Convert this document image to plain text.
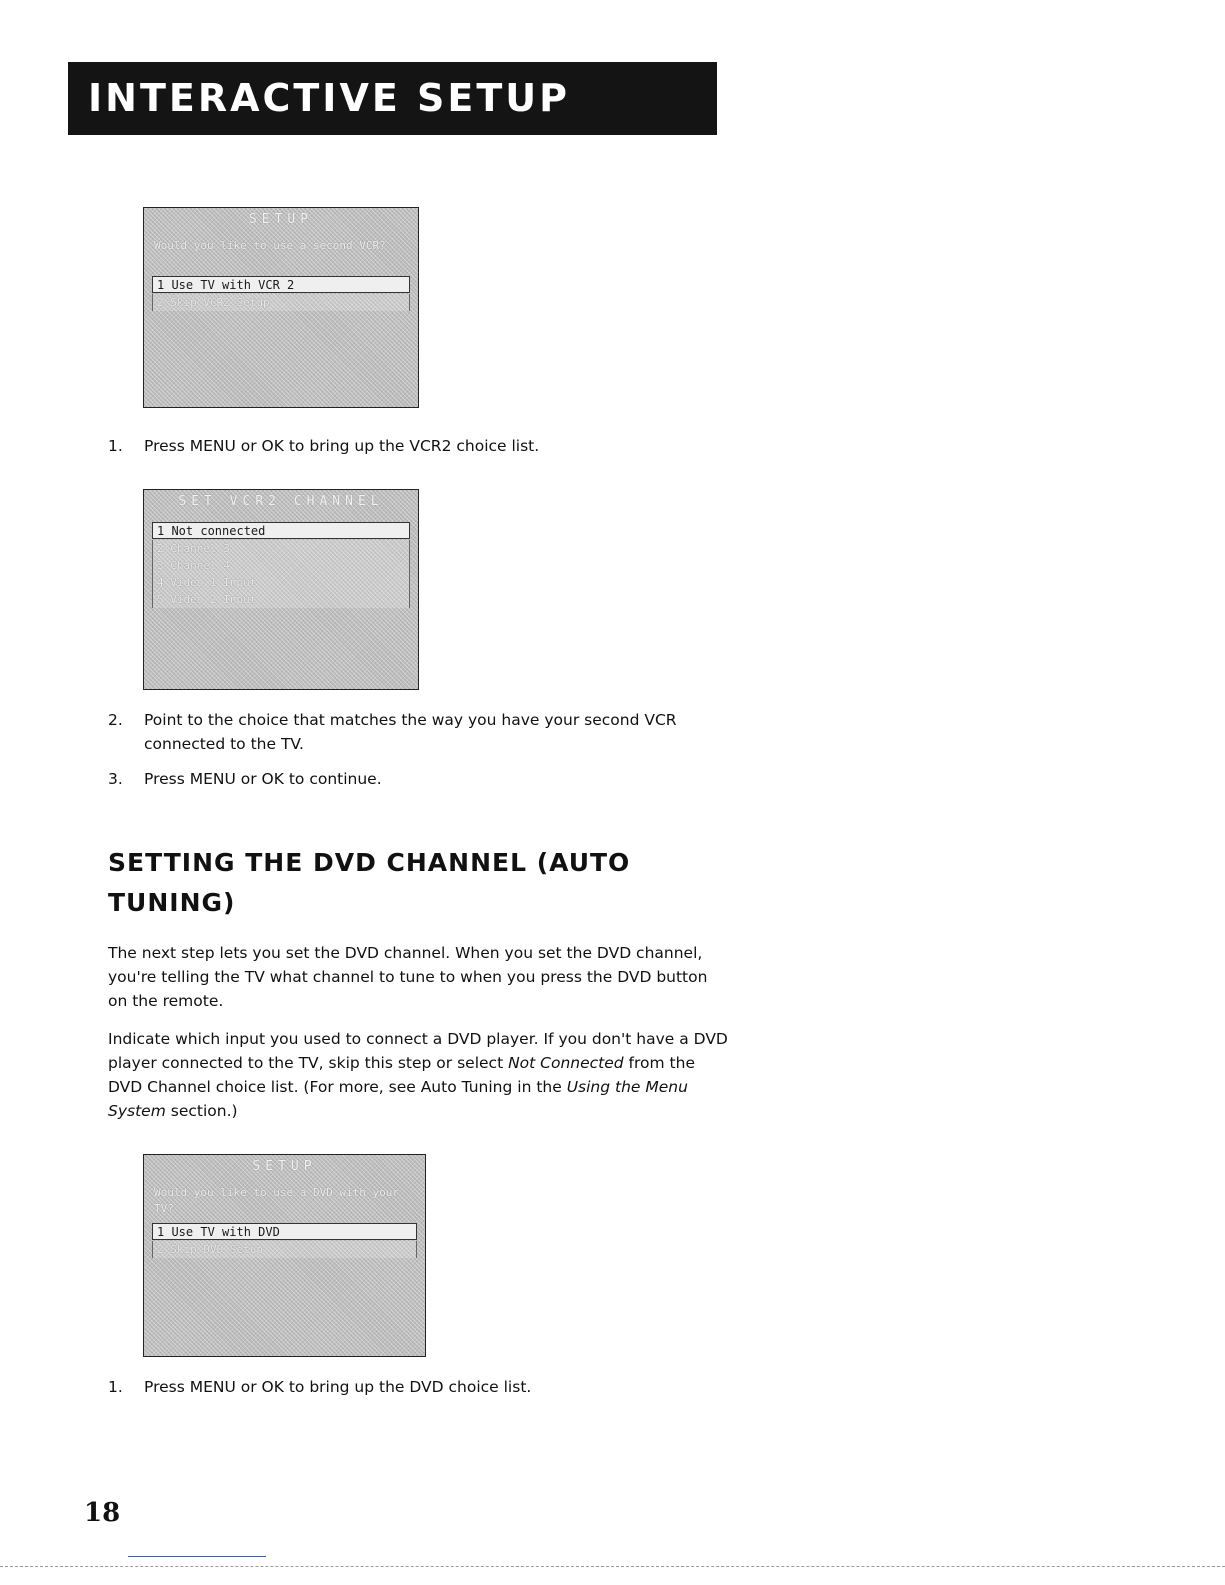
INTERACTIVE SETUP
SETUP
Would you like to use a second VCR?
1 Use TV with VCR 2
2 Skip VCR2 Setup
1. Press MENU or OK to bring up the VCR2 choice list.
SET VCR2 CHANNEL
1 Not connected
2 Channel 3
3 Channel 4
4 Video 1 Input
5 Video 2 Input
2. Point to the choice that matches the way you have your second VCR connected to the TV.
3. Press MENU or OK to continue.
SETTING THE DVD CHANNEL (AUTO TUNING)
The next step lets you set the DVD channel. When you set the DVD channel, you're telling the TV what channel to tune to when you press the DVD button on the remote.
Indicate which input you used to connect a DVD player. If you don't have a DVD player connected to the TV, skip this step or select Not Connected from the DVD Channel choice list. (For more, see Auto Tuning in the Using the Menu System section.)
SETUP
Would you like to use a DVD with your TV?
1 Use TV with DVD
2 Skip DVD Setup
1. Press MENU or OK to bring up the DVD choice list.
18
